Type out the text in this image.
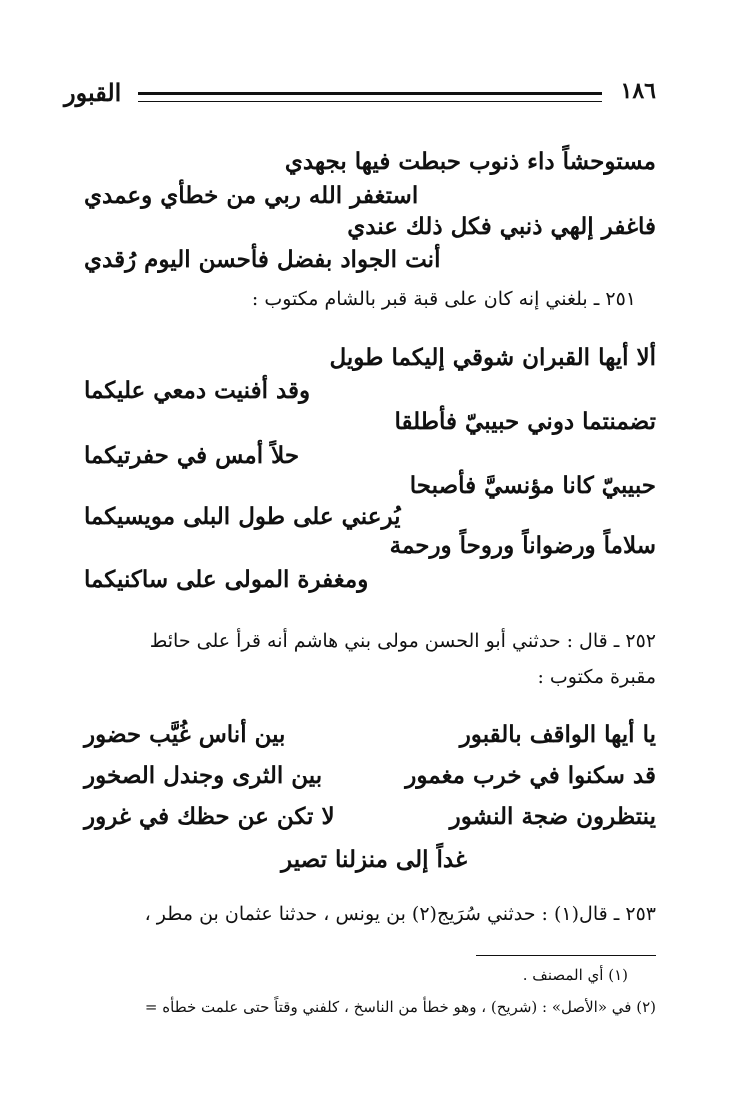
١٨٦
القبور
مستوحشاً داء ذنوب حبطت فيها بجهدي
استغفر الله ربي من خطأي وعمدي
فاغفر إلهي ذنبي فكل ذلك عندي
أنت الجواد بفضل فأحسن اليوم رُقدي
٢٥١ ـ بلغني إنه كان على قبة قبر بالشام مكتوب :
ألا أيها القبران شوقي إليكما طويل
وقد أفنيت دمعي عليكما
تضمنتما دوني حبيبيّ فأطلقا
حلاً أمس في حفرتيكما
حبيبيّ كانا مؤنسيَّ فأصبحا
يُرعني على طول البلى مويسيكما
سلاماً ورضواناً وروحاً ورحمة
ومغفرة المولى على ساكنيكما
٢٥٢ ـ قال : حدثني أبو الحسن مولى بني هاشم أنه قرأ على حائط
مقبرة مكتوب :
يا أيها الواقف بالقبور
بين أناس غُيَّب حضور
قد سكنوا في خرب مغمور
بين الثرى وجندل الصخور
ينتظرون ضجة النشور
لا تكن عن حظك في غرور
غداً إلى منزلنا تصير
٢٥٣ ـ قال(١) : حدثني سُرَيج(٢) بن يونس ، حدثنا عثمان بن مطر ،
(١) أي المصنف .
(٢) في «الأصل» : (شريح) ، وهو خطأ من الناسخ ، كلفني وقتاً حتى علمت خطأه =
